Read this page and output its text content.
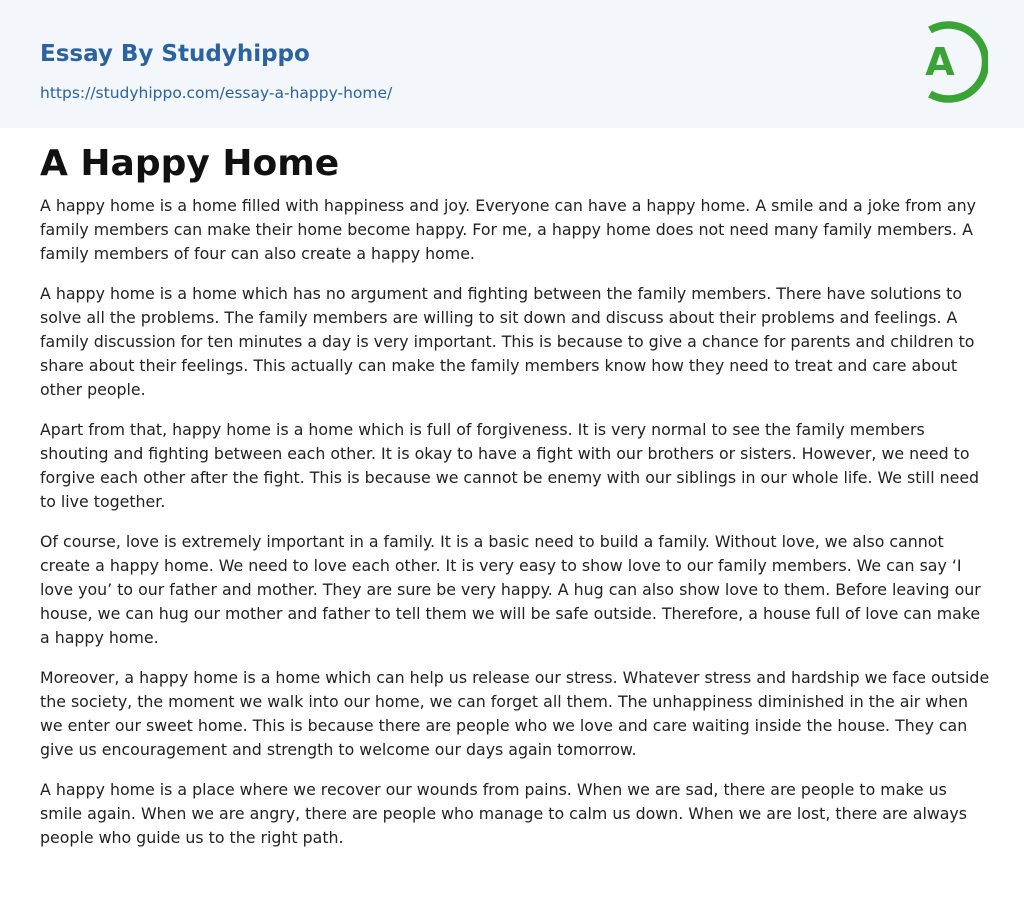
Essay By Studyhippo
https://studyhippo.com/essay-a-happy-home/
A
A Happy Home

A happy home is a home filled with happiness and joy. Everyone can have a happy home. A smile and a joke from any family members can make their home become happy. For me, a happy home does not need many family members. A family members of four can also create a happy home.

A happy home is a home which has no argument and fighting between the family members. There have solutions to solve all the problems. The family members are willing to sit down and discuss about their problems and feelings. A family discussion for ten minutes a day is very important. This is because to give a chance for parents and children to share about their feelings. This actually can make the family members know how they need to treat and care about other people.

Apart from that, happy home is a home which is full of forgiveness. It is very normal to see the family members shouting and fighting between each other. It is okay to have a fight with our brothers or sisters. However, we need to forgive each other after the fight. This is because we cannot be enemy with our siblings in our whole life. We still need to live together.

Of course, love is extremely important in a family. It is a basic need to build a family. Without love, we also cannot create a happy home. We need to love each other. It is very easy to show love to our family members. We can say ‘I love you’ to our father and mother. They are sure be very happy. A hug can also show love to them. Before leaving our house, we can hug our mother and father to tell them we will be safe outside. Therefore, a house full of love can make a happy home.

Moreover, a happy home is a home which can help us release our stress. Whatever stress and hardship we face outside the society, the moment we walk into our home, we can forget all them. The unhappiness diminished in the air when we enter our sweet home. This is because there are people who we love and care waiting inside the house. They can give us encouragement and strength to welcome our days again tomorrow.

A happy home is a place where we recover our wounds from pains. When we are sad, there are people to make us smile again. When we are angry, there are people who manage to calm us down. When we are lost, there are always people who guide us to the right path.
